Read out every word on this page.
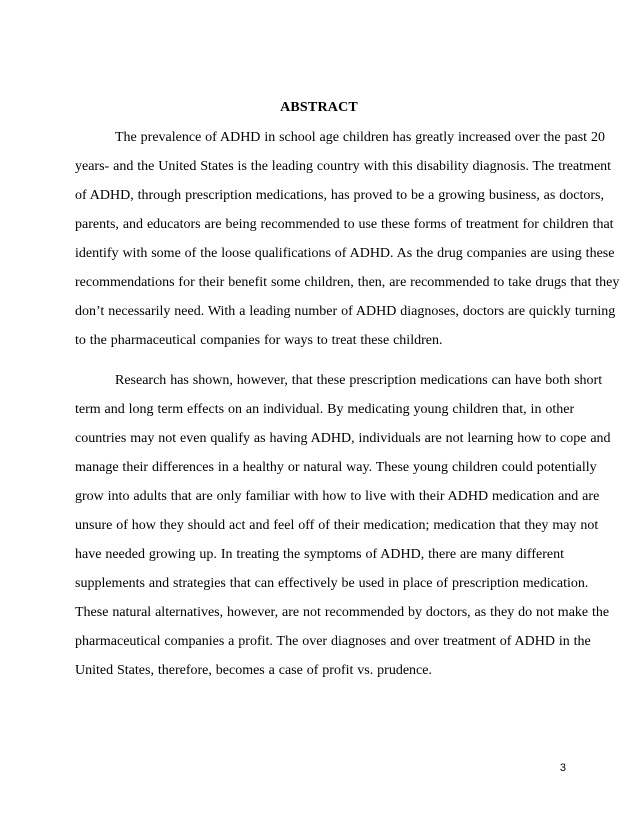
ABSTRACT
The prevalence of ADHD in school age children has greatly increased over the past 20
years- and the United States is the leading country with this disability diagnosis. The treatment
of ADHD, through prescription medications, has proved to be a growing business, as doctors,
parents, and educators are being recommended to use these forms of treatment for children that
identify with some of the loose qualifications of ADHD. As the drug companies are using these
recommendations for their benefit some children, then, are recommended to take drugs that they
don’t necessarily need. With a leading number of ADHD diagnoses, doctors are quickly turning
to the pharmaceutical companies for ways to treat these children.
Research has shown, however, that these prescription medications can have both short
term and long term effects on an individual. By medicating young children that, in other
countries may not even qualify as having ADHD, individuals are not learning how to cope and
manage their differences in a healthy or natural way. These young children could potentially
grow into adults that are only familiar with how to live with their ADHD medication and are
unsure of how they should act and feel off of their medication; medication that they may not
have needed growing up. In treating the symptoms of ADHD, there are many different
supplements and strategies that can effectively be used in place of prescription medication.
These natural alternatives, however, are not recommended by doctors, as they do not make the
pharmaceutical companies a profit. The over diagnoses and over treatment of ADHD in the
United States, therefore, becomes a case of profit vs. prudence.
3
